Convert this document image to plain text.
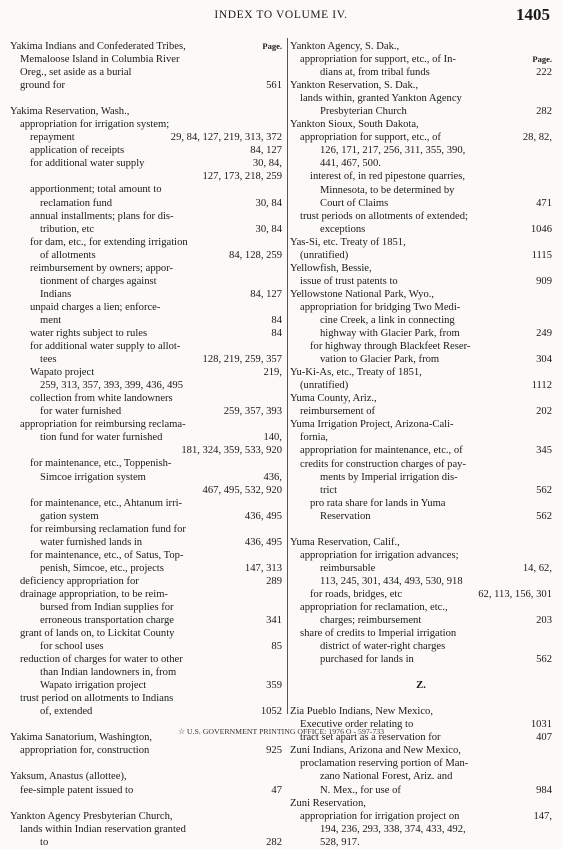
INDEX TO VOLUME IV.	1405
Yakima Indians and Confederated Tribes,	Page.
Memaloose Island in Columbia River
Oreg., set aside as a burial
ground for	561
Yakima Reservation, Wash.,
appropriation for irrigation system;
repayment	29, 84, 127, 219, 313, 372
application of receipts	84, 127
for additional water supply	30, 84,
127, 173, 218, 259
apportionment; total amount to
reclamation fund	30, 84
annual installments; plans for dis-
tribution, etc	30, 84
for dam, etc., for extending irrigation
of allotments	84, 128, 259
reimbursement by owners; appor-
tionment of charges against
Indians	84, 127
unpaid charges a lien; enforce-
ment	84
water rights subject to rules	84
for additional water supply to allot-
tees	128, 219, 259, 357
Wapato project	219,
259, 313, 357, 393, 399, 436, 495
collection from white landowners
for water furnished	259, 357, 393
appropriation for reimbursing reclama-
tion fund for water furnished	140,
181, 324, 359, 533, 920
for maintenance, etc., Toppenish-
Simcoe irrigation system	436,
467, 495, 532, 920
for maintenance, etc., Ahtanum irri-
gation system	436, 495
for reimbursing reclamation fund for
water furnished lands in	436, 495
for maintenance, etc., of Satus, Top-
penish, Simcoe, etc., projects	147, 313
deficiency appropriation for	289
drainage appropriation, to be reim-
bursed from Indian supplies for
erroneous transportation charge	341
grant of lands on, to Lickitat County
for school uses	85
reduction of charges for water to other
than Indian landowners in, from
Wapato irrigation project	359
trust period on allotments to Indians
of, extended	1052
Yakima Sanatorium, Washington,
appropriation for, construction	925
Yaksum, Anastus (allottee),
fee-simple patent issued to	47
Yankton Agency Presbyterian Church,
lands within Indian reservation granted
to	282
Yankton Agency, S. Dak.,
appropriation for support, etc., of In-	Page.
dians at, from tribal funds	222
Yankton Reservation, S. Dak.,
lands within, granted Yankton Agency
Presbyterian Church	282
Yankton Sioux, South Dakota,
appropriation for support, etc., of	28, 82,
126, 171, 217, 256, 311, 355, 390,
441, 467, 500.
interest of, in red pipestone quarries,
Minnesota, to be determined by
Court of Claims	471
trust periods on allotments of extended;
exceptions	1046
Yas-Si, etc. Treaty of 1851,
(unratified)	1115
Yellowfish, Bessie,
issue of trust patents to	909
Yellowstone National Park, Wyo.,
appropriation for bridging Two Medi-
cine Creek, a link in connecting
highway with Glacier Park, from	249
for highway through Blackfeet Reser-
vation to Glacier Park, from	304
Yu-Ki-As, etc., Treaty of 1851,
(unratified)	1112
Yuma County, Ariz.,
reimbursement of	202
Yuma Irrigation Project, Arizona-Cali-
fornia,
appropriation for maintenance, etc., of	345
credits for construction charges of pay-
ments by Imperial irrigation dis-
trict	562
pro rata share for lands in Yuma
Reservation	562
Yuma Reservation, Calif.,
appropriation for irrigation advances;
reimbursable	14, 62,
113, 245, 301, 434, 493, 530, 918
for roads, bridges, etc	62, 113, 156, 301
appropriation for reclamation, etc.,
charges; reimbursement	203
share of credits to Imperial irrigation
district of water-right charges
purchased for lands in	562
Z.
Zia Pueblo Indians, New Mexico,
Executive order relating to	1031
tract set apart as a reservation for	407
Zuni Indians, Arizona and New Mexico,
proclamation reserving portion of Man-
zano National Forest, Ariz. and
N. Mex., for use of	984
Zuni Reservation,
appropriation for irrigation project on	147,
194, 236, 293, 338, 374, 433, 492,
528, 917.
☆ U.S. GOVERNMENT PRINTING OFFICE: 1976 O - 597-733
